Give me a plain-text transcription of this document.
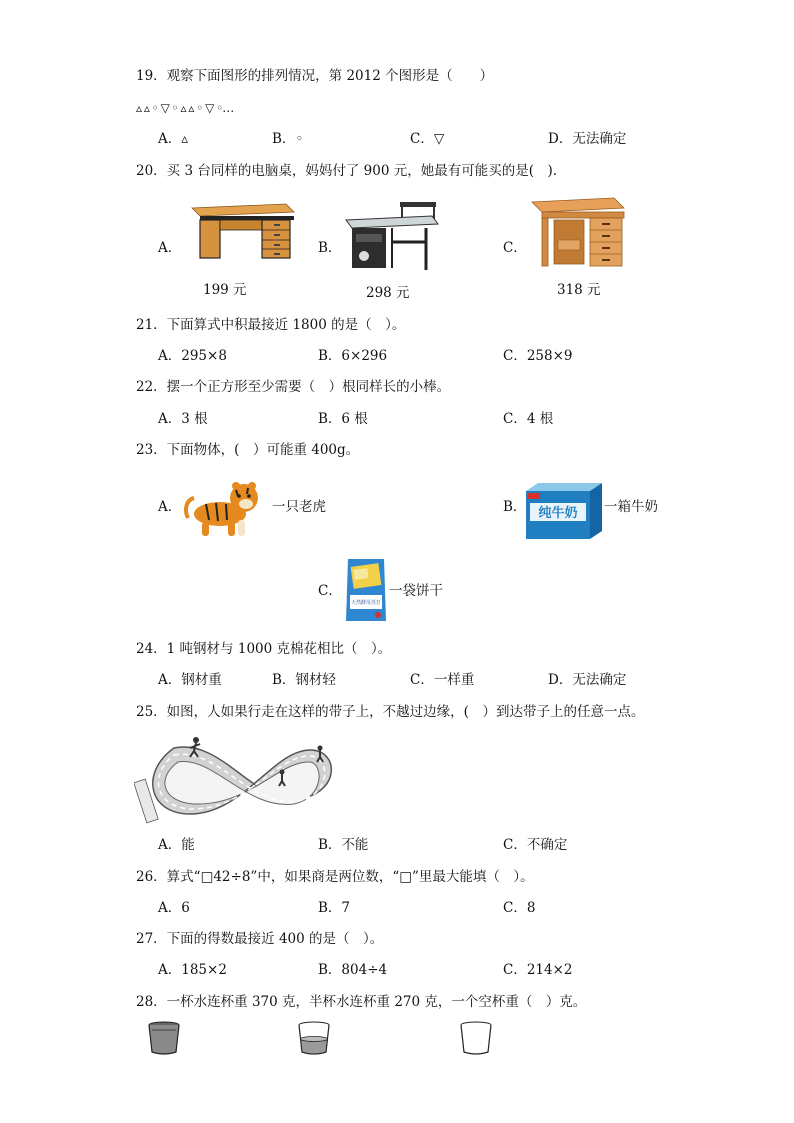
19．观察下面图形的排列情况，第 2012 个图形是（　　）
▵ ▵ ◦ ▽ ◦ ▵ ▵ ◦ ▽ ◦…
A．▵	B．◦	C．▽	D．无法确定
20．买 3 台同样的电脑桌，妈妈付了 900 元，她最有可能买的是(　).
A．
199 元
B．
298 元
C．
318 元
21．下面算式中积最接近 1800 的是（　）。
A．295×8	B．6×296	C．258×9
22．摆一个正方形至少需要（　）根同样长的小棒。
A．3 根	B．6 根	C．4 根
23．下面物体，(　）可能重 400g。
A．	一只老虎	B． 纯牛奶 一箱牛奶
C．
天然酵母苏打
一袋饼干
24．1 吨钢材与 1000 克棉花相比（　）。
A．钢材重	B．钢材轻	C．一样重	D．无法确定
25．如图，人如果行走在这样的带子上，不越过边缘，(　）到达带子上的任意一点。
A．能	B．不能	C．不确定
26．算式“□42÷8”中，如果商是两位数，“□”里最大能填（　）。
A．6	B．7	C．8
27．下面的得数最接近 400 的是（　）。
A．185×2	B．804÷4	C．214×2
28．一杯水连杯重 370 克，半杯水连杯重 270 克，一个空杯重（　）克。
